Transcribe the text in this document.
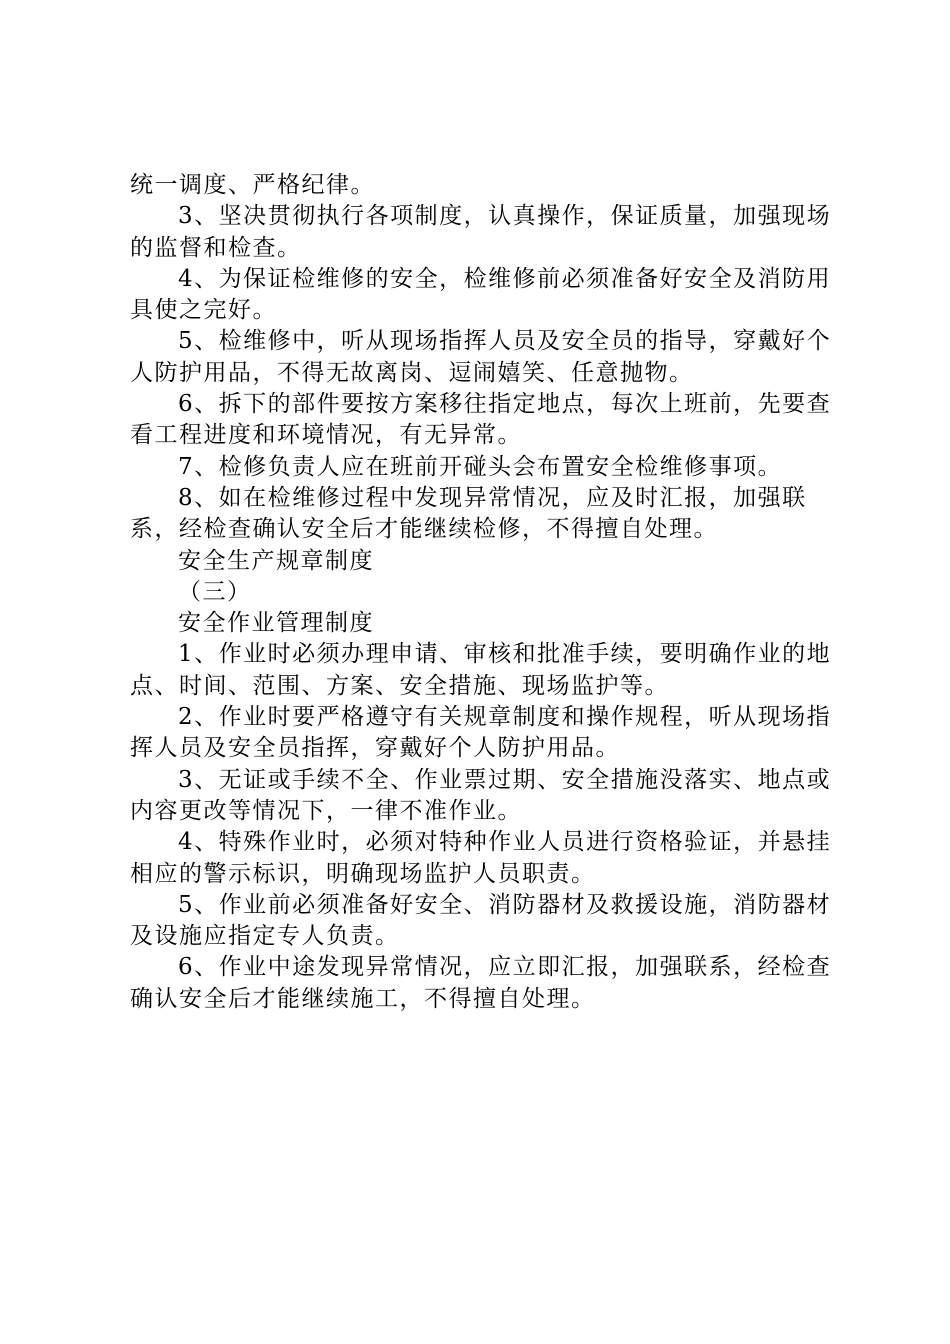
统一调度、严格纪律。

3、坚决贯彻执行各项制度，认真操作，保证质量，加强现场的监督和检查。

4、为保证检维修的安全，检维修前必须准备好安全及消防用具使之完好。

5、检维修中，听从现场指挥人员及安全员的指导，穿戴好个人防护用品，不得无故离岗、逗闹嬉笑、任意抛物。

6、拆下的部件要按方案移往指定地点，每次上班前，先要查看工程进度和环境情况，有无异常。

7、检修负责人应在班前开碰头会布置安全检维修事项。

8、如在检维修过程中发现异常情况，应及时汇报，加强联系，经检查确认安全后才能继续检修，不得擅自处理。

安全生产规章制度

（三）

安全作业管理制度

1、作业时必须办理申请、审核和批准手续，要明确作业的地点、时间、范围、方案、安全措施、现场监护等。

2、作业时要严格遵守有关规章制度和操作规程，听从现场指挥人员及安全员指挥，穿戴好个人防护用品。

3、无证或手续不全、作业票过期、安全措施没落实、地点或内容更改等情况下，一律不准作业。

4、特殊作业时，必须对特种作业人员进行资格验证，并悬挂相应的警示标识，明确现场监护人员职责。

5、作业前必须准备好安全、消防器材及救援设施，消防器材及设施应指定专人负责。

6、作业中途发现异常情况，应立即汇报，加强联系，经检查确认安全后才能继续施工，不得擅自处理。
